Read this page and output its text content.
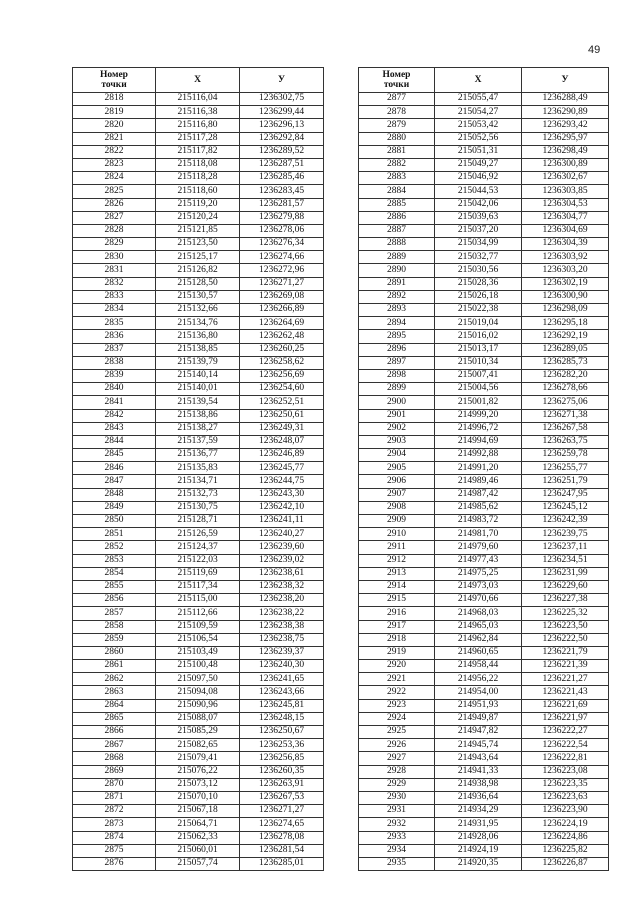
49
Номер
точки	X	У
2818	215116,04	1236302,75
2819	215116,38	1236299,44
2820	215116,80	1236296,13
2821	215117,28	1236292,84
2822	215117,82	1236289,52
2823	215118,08	1236287,51
2824	215118,28	1236285,46
2825	215118,60	1236283,45
2826	215119,20	1236281,57
2827	215120,24	1236279,88
2828	215121,85	1236278,06
2829	215123,50	1236276,34
2830	215125,17	1236274,66
2831	215126,82	1236272,96
2832	215128,50	1236271,27
2833	215130,57	1236269,08
2834	215132,66	1236266,89
2835	215134,76	1236264,69
2836	215136,80	1236262,48
2837	215138,85	1236260,25
2838	215139,79	1236258,62
2839	215140,14	1236256,69
2840	215140,01	1236254,60
2841	215139,54	1236252,51
2842	215138,86	1236250,61
2843	215138,27	1236249,31
2844	215137,59	1236248,07
2845	215136,77	1236246,89
2846	215135,83	1236245,77
2847	215134,71	1236244,75
2848	215132,73	1236243,30
2849	215130,75	1236242,10
2850	215128,71	1236241,11
2851	215126,59	1236240,27
2852	215124,37	1236239,60
2853	215122,03	1236239,02
2854	215119,69	1236238,61
2855	215117,34	1236238,32
2856	215115,00	1236238,20
2857	215112,66	1236238,22
2858	215109,59	1236238,38
2859	215106,54	1236238,75
2860	215103,49	1236239,37
2861	215100,48	1236240,30
2862	215097,50	1236241,65
2863	215094,08	1236243,66
2864	215090,96	1236245,81
2865	215088,07	1236248,15
2866	215085,29	1236250,67
2867	215082,65	1236253,36
2868	215079,41	1236256,85
2869	215076,22	1236260,35
2870	215073,12	1236263,91
2871	215070,10	1236267,53
2872	215067,18	1236271,27
2873	215064,71	1236274,65
2874	215062,33	1236278,08
2875	215060,01	1236281,54
2876	215057,74	1236285,01
Номер
точки	X	У
2877	215055,47	1236288,49
2878	215054,27	1236290,89
2879	215053,42	1236293,42
2880	215052,56	1236295,97
2881	215051,31	1236298,49
2882	215049,27	1236300,89
2883	215046,92	1236302,67
2884	215044,53	1236303,85
2885	215042,06	1236304,53
2886	215039,63	1236304,77
2887	215037,20	1236304,69
2888	215034,99	1236304,39
2889	215032,77	1236303,92
2890	215030,56	1236303,20
2891	215028,36	1236302,19
2892	215026,18	1236300,90
2893	215022,38	1236298,09
2894	215019,04	1236295,18
2895	215016,02	1236292,19
2896	215013,17	1236289,05
2897	215010,34	1236285,73
2898	215007,41	1236282,20
2899	215004,56	1236278,66
2900	215001,82	1236275,06
2901	214999,20	1236271,38
2902	214996,72	1236267,58
2903	214994,69	1236263,75
2904	214992,88	1236259,78
2905	214991,20	1236255,77
2906	214989,46	1236251,79
2907	214987,42	1236247,95
2908	214985,62	1236245,12
2909	214983,72	1236242,39
2910	214981,70	1236239,75
2911	214979,60	1236237,11
2912	214977,43	1236234,51
2913	214975,25	1236231,99
2914	214973,03	1236229,60
2915	214970,66	1236227,38
2916	214968,03	1236225,32
2917	214965,03	1236223,50
2918	214962,84	1236222,50
2919	214960,65	1236221,79
2920	214958,44	1236221,39
2921	214956,22	1236221,27
2922	214954,00	1236221,43
2923	214951,93	1236221,69
2924	214949,87	1236221,97
2925	214947,82	1236222,27
2926	214945,74	1236222,54
2927	214943,64	1236222,81
2928	214941,33	1236223,08
2929	214938,98	1236223,35
2930	214936,64	1236223,63
2931	214934,29	1236223,90
2932	214931,95	1236224,19
2933	214928,06	1236224,86
2934	214924,19	1236225,82
2935	214920,35	1236226,87
